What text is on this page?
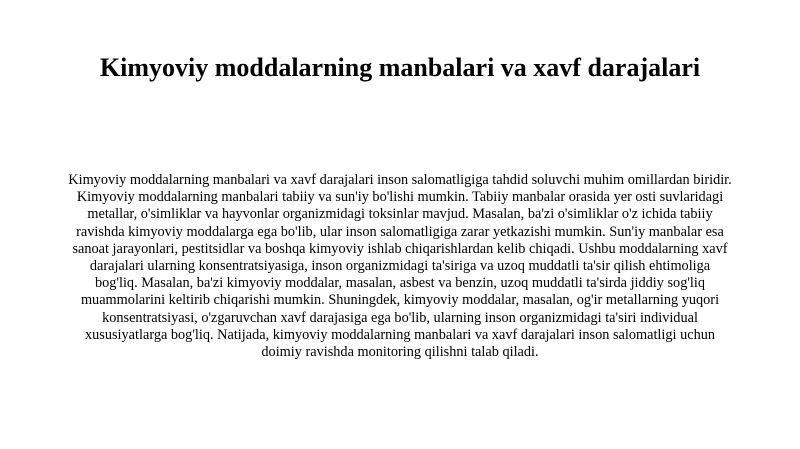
Kimyoviy moddalarning manbalari va xavf darajalari

Kimyoviy moddalarning manbalari va xavf darajalari inson salomatligiga tahdid soluvchi muhim omillardan biridir. Kimyoviy moddalarning manbalari tabiiy va sun'iy bo'lishi mumkin. Tabiiy manbalar orasida yer osti suvlaridagi metallar, o'simliklar va hayvonlar organizmidagi toksinlar mavjud. Masalan, ba'zi o'simliklar o'z ichida tabiiy ravishda kimyoviy moddalarga ega bo'lib, ular inson salomatligiga zarar yetkazishi mumkin. Sun'iy manbalar esa sanoat jarayonlari, pestitsidlar va boshqa kimyoviy ishlab chiqarishlardan kelib chiqadi. Ushbu moddalarning xavf darajalari ularning konsentratsiyasiga, inson organizmidagi ta'siriga va uzoq muddatli ta'sir qilish ehtimoliga bog'liq. Masalan, ba'zi kimyoviy moddalar, masalan, asbest va benzin, uzoq muddatli ta'sirda jiddiy sog'liq muammolarini keltirib chiqarishi mumkin. Shuningdek, kimyoviy moddalar, masalan, og'ir metallarning yuqori konsentratsiyasi, o'zgaruvchan xavf darajasiga ega bo'lib, ularning inson organizmidagi ta'siri individual xususiyatlarga bog'liq. Natijada, kimyoviy moddalarning manbalari va xavf darajalari inson salomatligi uchun doimiy ravishda monitoring qilishni talab qiladi.
